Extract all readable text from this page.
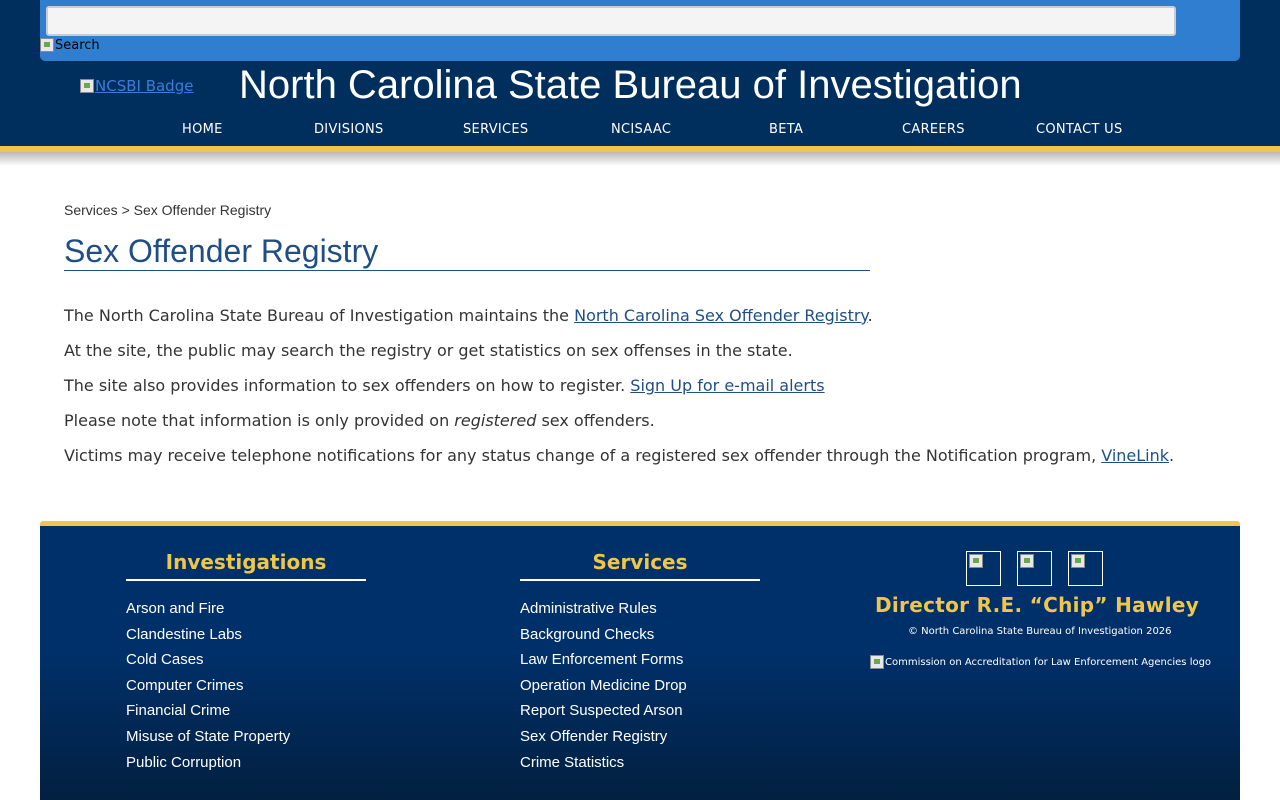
Search
NCSBI Badge North Carolina State Bureau of Investigation
HOME	DIVISIONS	SERVICES	NCISAAC	BETA	CAREERS	CONTACT US
Services > Sex Offender Registry
Sex Offender Registry
The North Carolina State Bureau of Investigation maintains the North Carolina Sex Offender Registry.
At the site, the public may search the registry or get statistics on sex offenses in the state.
The site also provides information to sex offenders on how to register. Sign Up for e-mail alerts
Please note that information is only provided on registered sex offenders.
Victims may receive telephone notifications for any status change of a registered sex offender through the Notification program, VineLink.
Investigations
Arson and Fire
Clandestine Labs
Cold Cases
Computer Crimes
Financial Crime
Misuse of State Property
Public Corruption
Services
Administrative Rules
Background Checks
Law Enforcement Forms
Operation Medicine Drop
Report Suspected Arson
Sex Offender Registry
Crime Statistics
Director R.E. “Chip” Hawley
© North Carolina State Bureau of Investigation 2026
Commission on Accreditation for Law Enforcement Agencies logo
